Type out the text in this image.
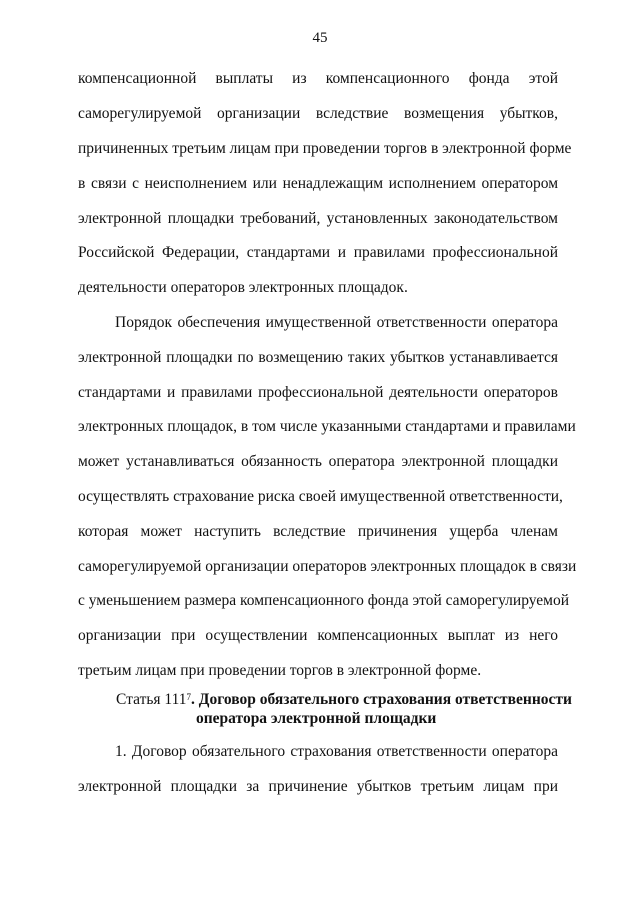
45
компенсационной выплаты из компенсационного фонда этой
саморегулируемой организации вследствие возмещения убытков,
причиненных третьим лицам при проведении торгов в электронной форме
в связи с неисполнением или ненадлежащим исполнением оператором
электронной площадки требований, установленных законодательством
Российской Федерации, стандартами и правилами профессиональной
деятельности операторов электронных площадок.
Порядок обеспечения имущественной ответственности оператора
электронной площадки по возмещению таких убытков устанавливается
стандартами и правилами профессиональной деятельности операторов
электронных площадок, в том числе указанными стандартами и правилами
может устанавливаться обязанность оператора электронной площадки
осуществлять страхование риска своей имущественной ответственности,
которая может наступить вследствие причинения ущерба членам
саморегулируемой организации операторов электронных площадок в связи
с уменьшением размера компенсационного фонда этой саморегулируемой
организации при осуществлении компенсационных выплат из него
третьим лицам при проведении торгов в электронной форме.
Статья $111^7$. Договор обязательного страхования ответственности
оператора электронной площадки
1. Договор обязательного страхования ответственности оператора
электронной площадки за причинение убытков третьим лицам при
